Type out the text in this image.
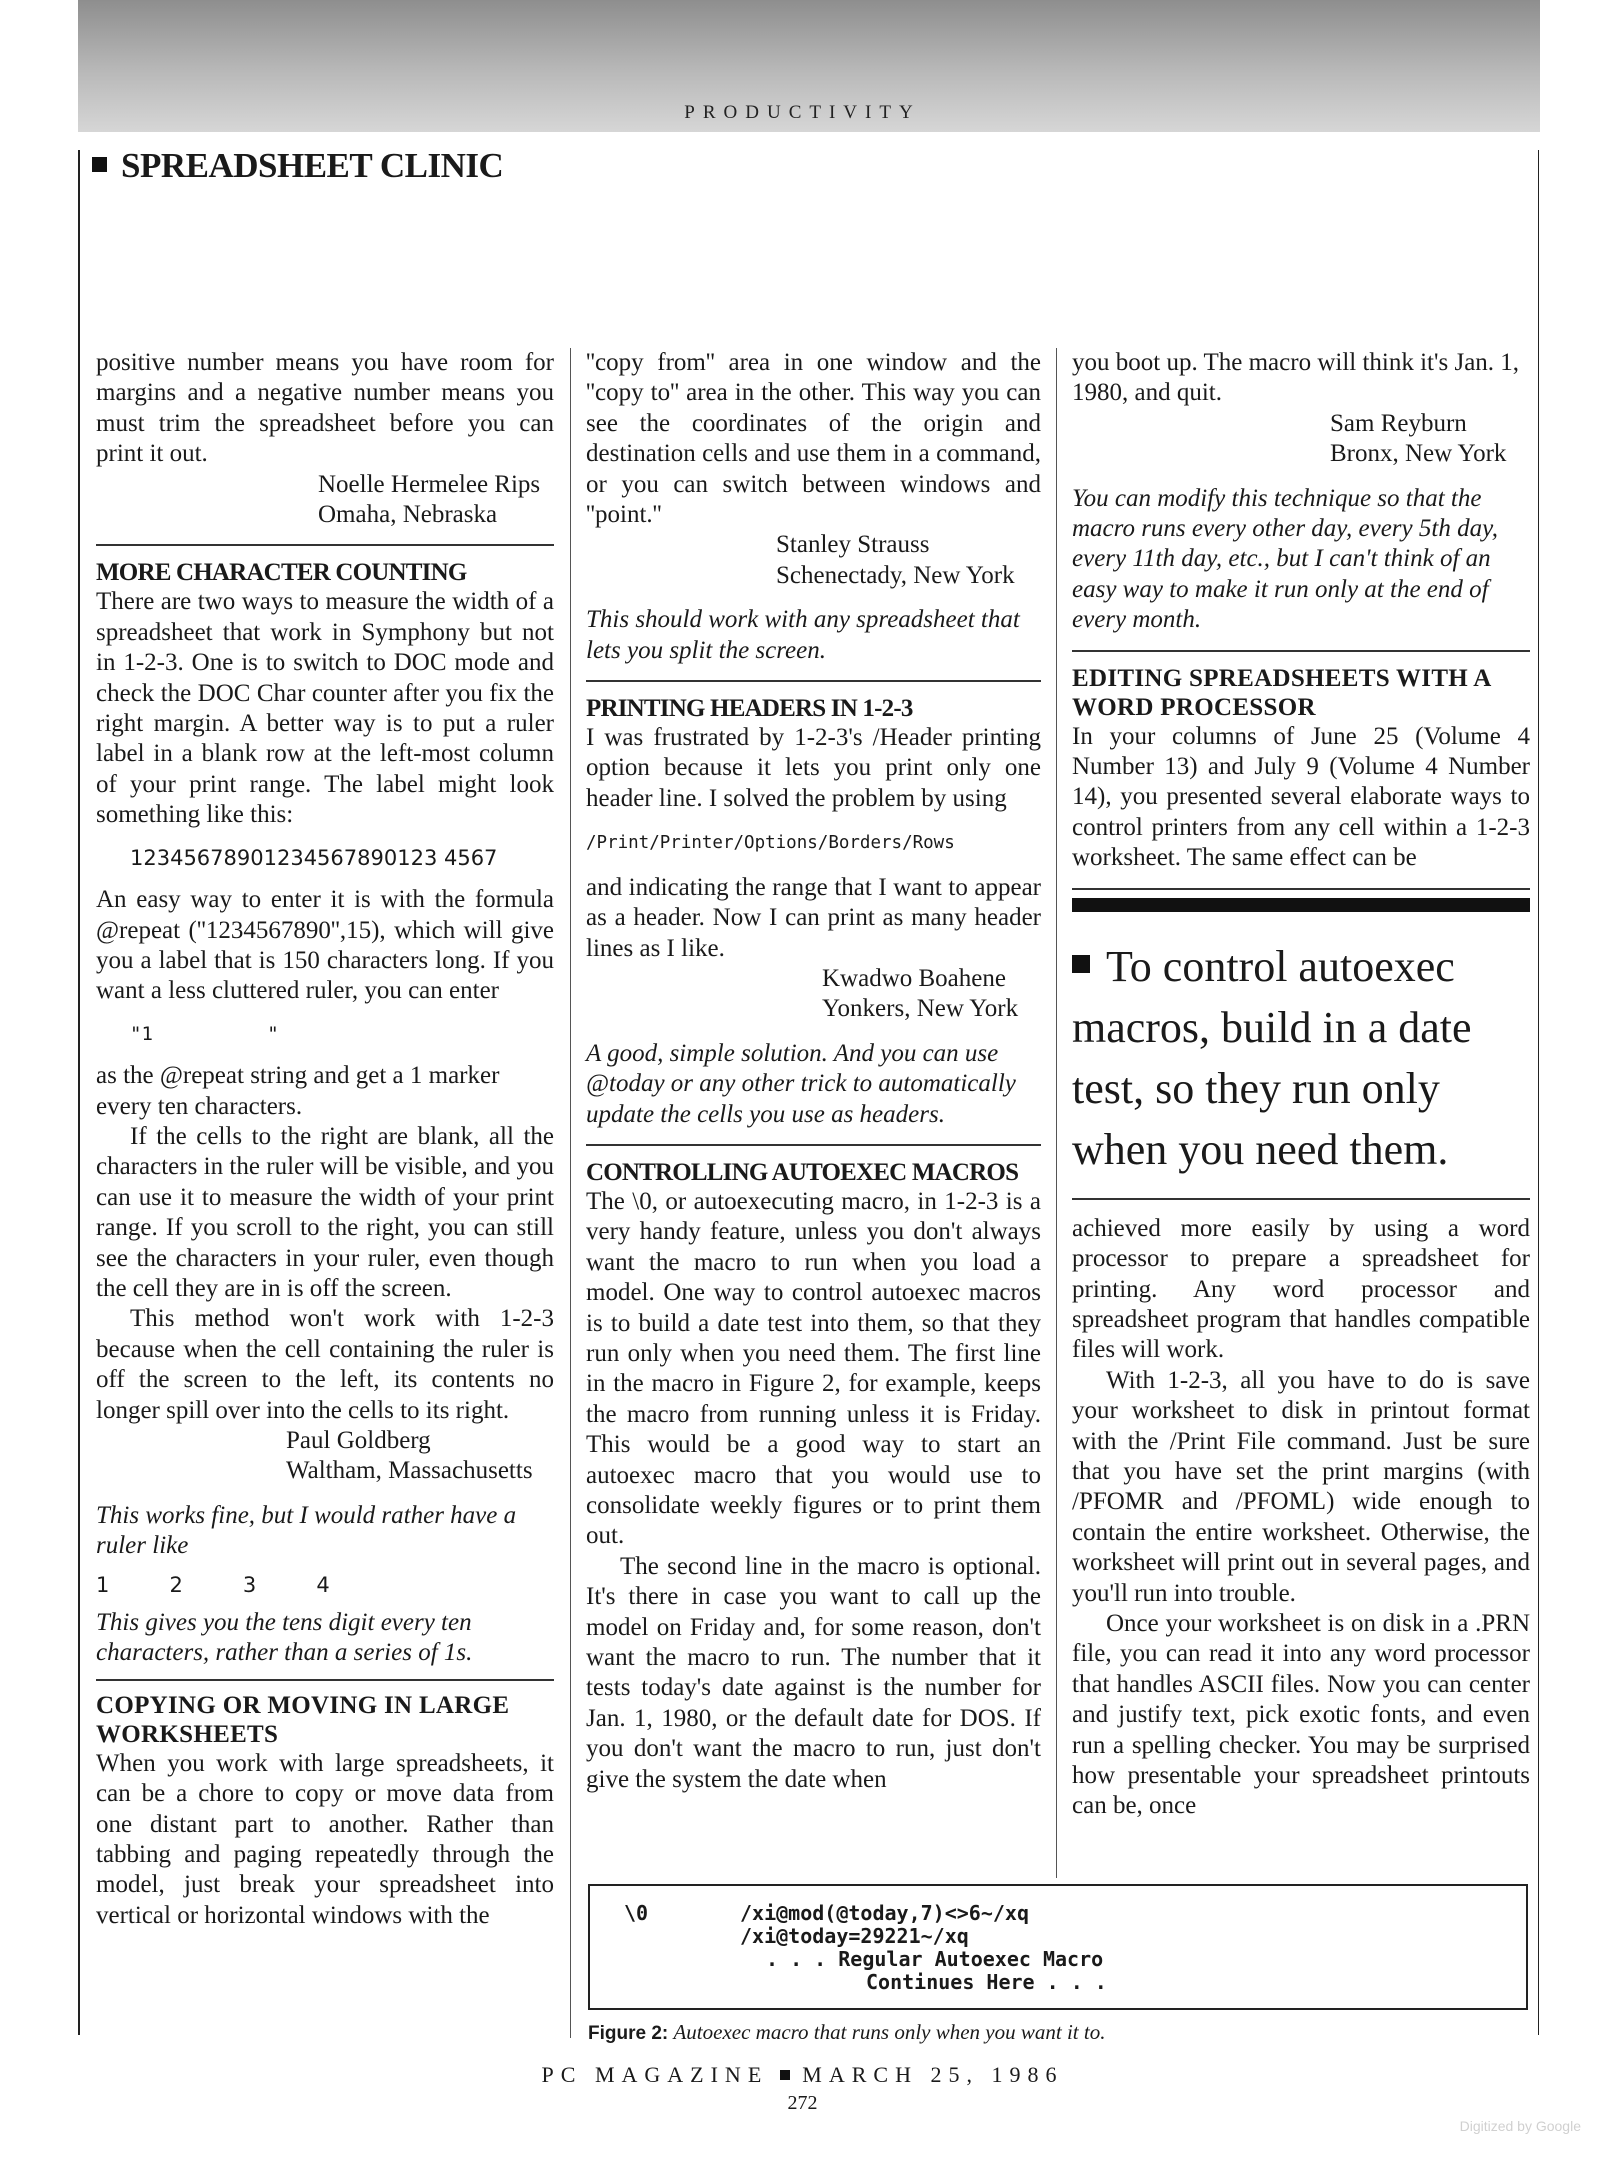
PRODUCTIVITY
SPREADSHEET CLINIC

positive number means you have room for margins and a negative number means you must trim the spreadsheet before you can print it out.

Noelle Hermelee Rips
Omaha, Nebraska
MORE CHARACTER COUNTING

There are two ways to measure the width of a spreadsheet that work in Symphony but not in 1-2-3. One is to switch to DOC mode and check the DOC Char counter after you fix the right margin. A better way is to put a ruler label in a blank row at the left-most column of your print range. The label might look something like this:

12345678901234567890123 4567

An easy way to enter it is with the formula @repeat (''1234567890'',15), which will give you a label that is 150 characters long. If you want a less cluttered ruler, you can enter

"1          "

as the @repeat string and get a 1 marker every ten characters.

If the cells to the right are blank, all the characters in the ruler will be visible, and you can use it to measure the width of your print range. If you scroll to the right, you can still see the characters in your ruler, even though the cell they are in is off the screen.

This method won't work with 1-2-3 because when the cell containing the ruler is off the screen to the left, its contents no longer spill over into the cells to its right.

Paul Goldberg
Waltham, Massachusetts

This works fine, but I would rather have a ruler like

1         2         3         4

This gives you the tens digit every ten characters, rather than a series of 1s.

COPYING OR MOVING IN LARGE WORKSHEETS

When you work with large spreadsheets, it can be a chore to copy or move data from one distant part to another. Rather than tabbing and paging repeatedly through the model, just break your spreadsheet into vertical or horizontal windows with the

''copy from'' area in one window and the ''copy to'' area in the other. This way you can see the coordinates of the origin and destination cells and use them in a command, or you can switch between windows and ''point.''

Stanley Strauss
Schenectady, New York

This should work with any spreadsheet that lets you split the screen.

PRINTING HEADERS IN 1-2-3

I was frustrated by 1-2-3's /Header printing option because it lets you print only one header line. I solved the problem by using

/Print/Printer/Options/Borders/Rows

and indicating the range that I want to appear as a header. Now I can print as many header lines as I like.

Kwadwo Boahene
Yonkers, New York

A good, simple solution. And you can use @today or any other trick to automatically update the cells you use as headers.

CONTROLLING AUTOEXEC MACROS

The \0, or autoexecuting macro, in 1-2-3 is a very handy feature, unless you don't always want the macro to run when you load a model. One way to control autoexec macros is to build a date test into them, so that they run only when you need them. The first line in the macro in Figure 2, for example, keeps the macro from running unless it is Friday. This would be a good way to start an autoexec macro that you would use to consolidate weekly figures or to print them out.

The second line in the macro is optional. It's there in case you want to call up the model on Friday and, for some reason, don't want the macro to run. The number that it tests today's date against is the number for Jan. 1, 1980, or the default date for DOS. If you don't want the macro to run, just don't give the system the date when

you boot up. The macro will think it's Jan. 1, 1980, and quit.

Sam Reyburn
Bronx, New York

You can modify this technique so that the macro runs every other day, every 5th day, every 11th day, etc., but I can't think of an easy way to make it run only at the end of every month.

EDITING SPREADSHEETS WITH A WORD PROCESSOR

In your columns of June 25 (Volume 4 Number 13) and July 9 (Volume 4 Number 14), you presented several elaborate ways to control printers from any cell within a 1-2-3 worksheet. The same effect can be

To control autoexec macros, build in a date test, so they run only when you need them.

achieved more easily by using a word processor to prepare a spreadsheet for printing. Any word processor and spreadsheet program that handles compatible files will work.

With 1-2-3, all you have to do is save your worksheet to disk in printout format with the /Print File command. Just be sure that you have set the print margins (with /PFOMR and /PFOML) wide enough to contain the entire worksheet. Otherwise, the worksheet will print out in several pages, and you'll run into trouble.

Once your worksheet is on disk in a .PRN file, you can read it into any word processor that handles ASCII files. Now you can center and justify text, pick exotic fonts, and even run a spelling checker. You may be surprised how presentable your spreadsheet printouts can be, once

\0	/xi@mod(@today,7)<>6~/xq
/xi@today=29221~/xq
. . . Regular Autoexec Macro
Continues Here . . .
Figure 2: Autoexec macro that runs only when you want it to.
PC MAGAZINE MARCH 25, 1986
272
Digitized by Google
